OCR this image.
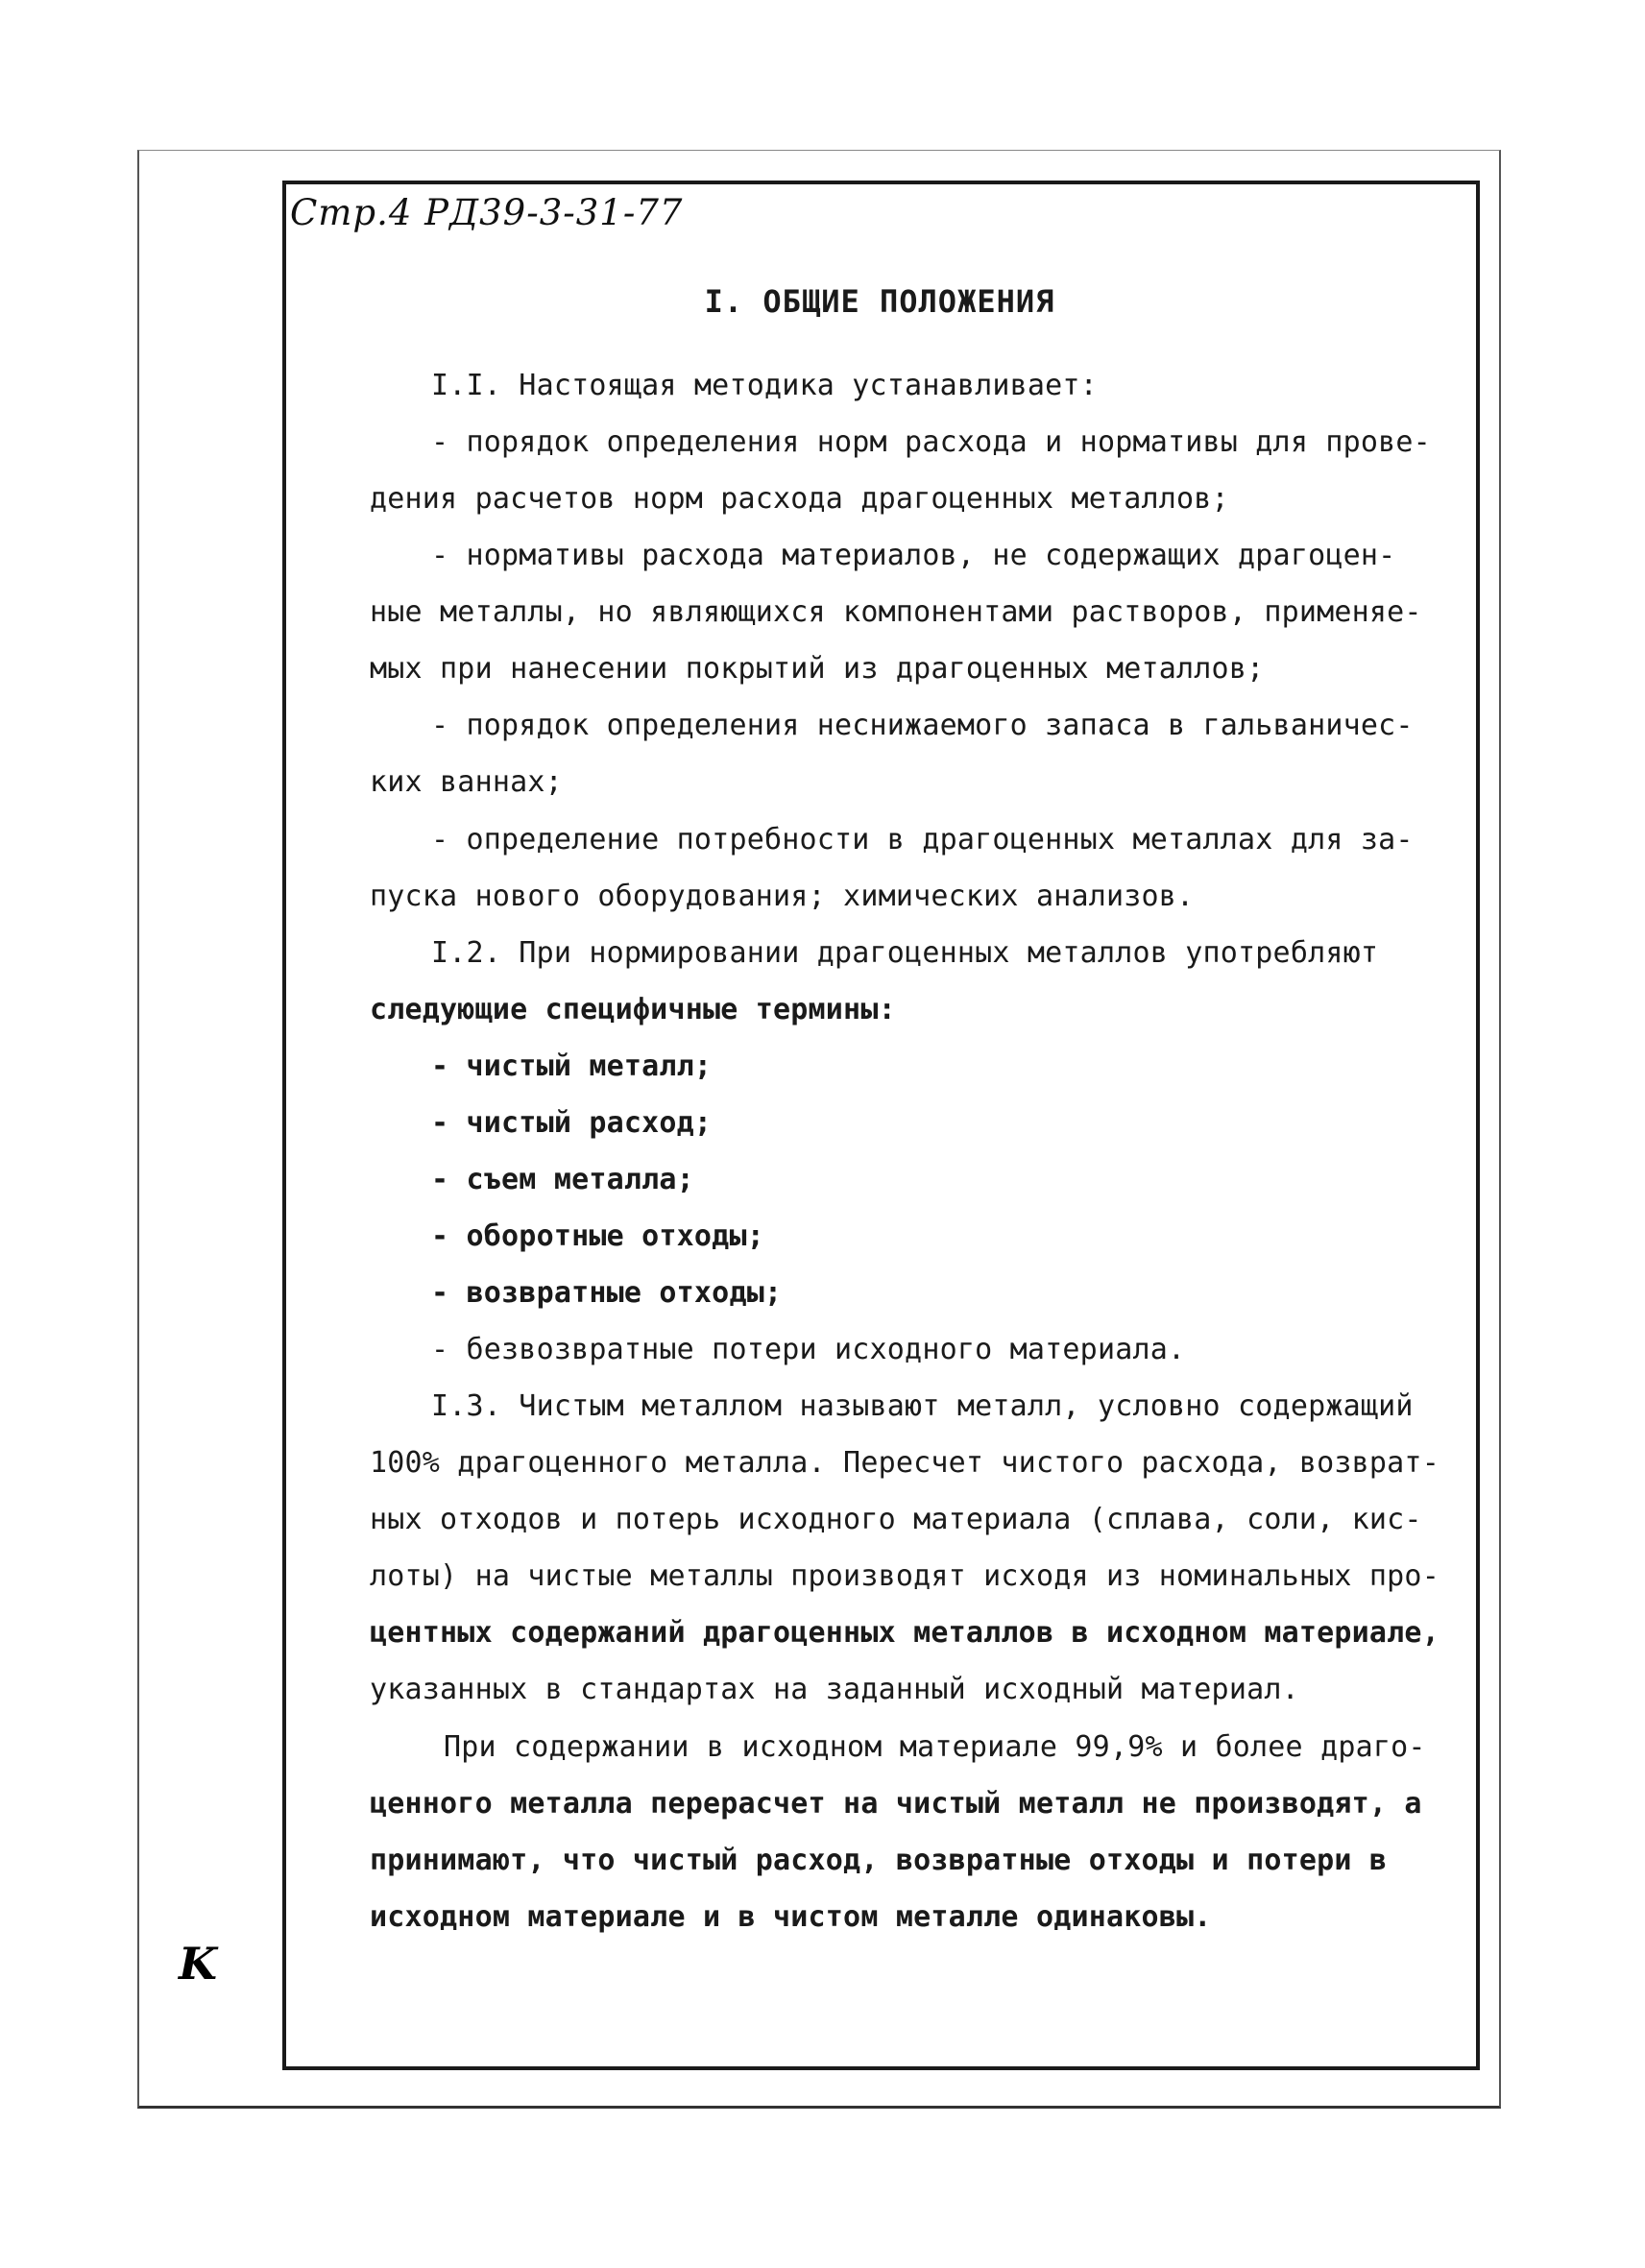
Стр.4 РД39-3-31-77
I. ОБЩИЕ ПОЛОЖЕНИЯ
I.I. Настоящая методика устанавливает:
- порядок определения норм расхода и нормативы для прове-
дения расчетов норм расхода драгоценных металлов;
- нормативы расхода материалов, не содержащих драгоцен-
ные металлы, но являющихся компонентами растворов, применяе-
мых при нанесении покрытий из драгоценных металлов;
- порядок определения неснижаемого запаса в гальваничес-
ких ваннах;
- определение потребности в драгоценных металлах для за-
пуска нового оборудования; химических анализов.
I.2. При нормировании драгоценных металлов употребляют
следующие специфичные термины:
- чистый металл;
- чистый расход;
- съем металла;
- оборотные отходы;
- возвратные отходы;
- безвозвратные потери исходного материала.
I.3. Чистым металлом называют металл, условно содержащий
100% драгоценного металла. Пересчет чистого расхода, возврат-
ных отходов и потерь исходного материала (сплава, соли, кис-
лоты) на чистые металлы производят исходя из номинальных про-
центных содержаний драгоценных металлов в исходном материале,
указанных в стандартах на заданный исходный материал.
При содержании в исходном материале 99,9% и более драго-
ценного металла перерасчет на чистый металл не производят, а
принимают, что чистый расход, возвратные отходы и потери в
исходном материале и в чистом металле одинаковы.
K
